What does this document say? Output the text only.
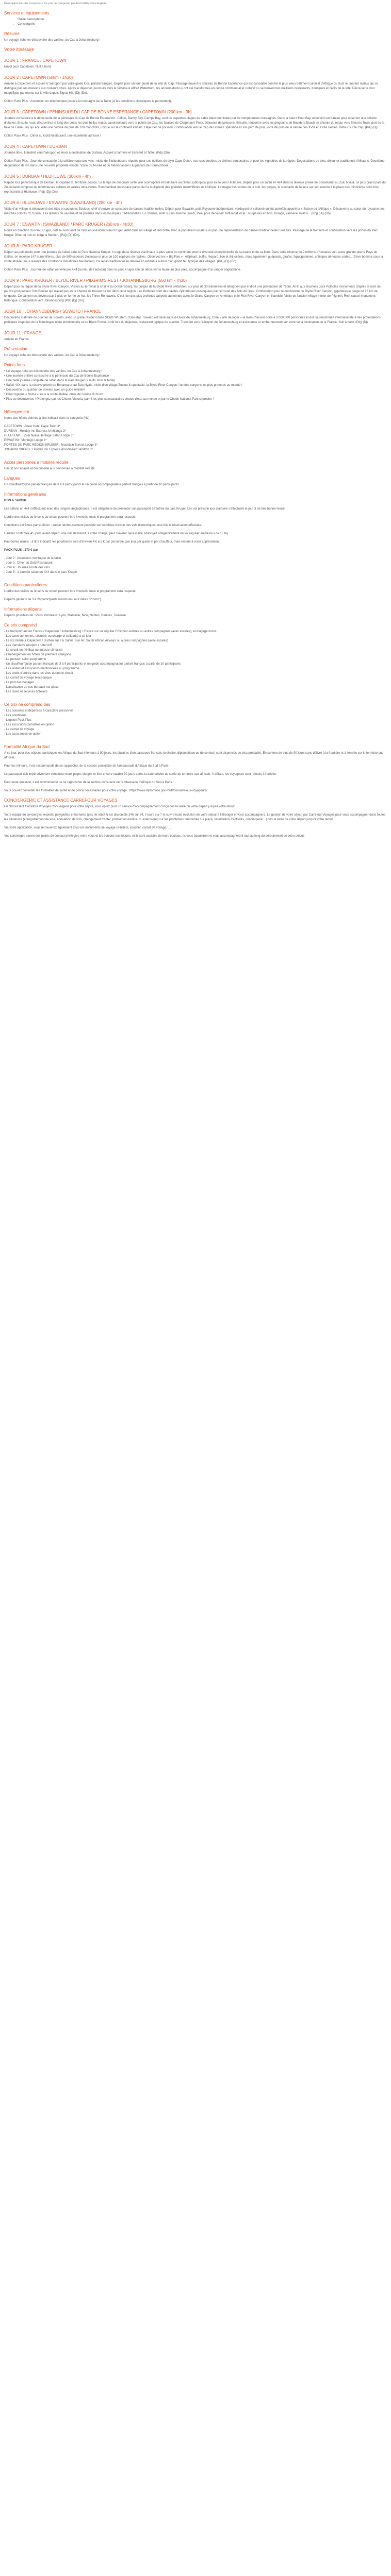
Description Ce prix comprend / Ce prix ne comprend pas Formalités Conciergerie
Services et équipements
• Guide francophone
• Conciergerie
Résumé

Un voyage riche en découverte des variées, du Cap à Johannesburg !

Votre itinéraire
JOUR 1 : FRANCE / CAPETOWN

Envol pour Capetown. Nuit à bord.

JOUR 2 : CAPETOWN (50km - 1h30)

Arrivée à Capetown et accueil à l'aéroport par votre guide local parlant français. Départ pour un tour guidé de la ville du Cap. Passage devant le château de Bonne Espérance qui est considéré comme le plus vieux bâtiment colonial d'Afrique du Sud, le quartier malais qui se distingue par ses maisons aux couleurs vives. Après le déjeuner, poursuite vers le Victoria & Alfred Waterfront, les anciens docks y ont été transformés en centre commercial et culturel où se trouvent les meilleurs restaurants, boutiques et cafés de la ville. Découverte d'un magnifique panorama sur la ville depuis Signal Hill. (Dj) (Dn).

Option Pack Plus : Ascension en téléphérique jusqu'à la montagne de la Table (si les conditions climatiques le permettent).

JOUR 3 : CAPETOWN / PÉNINSULE DU CAP DE BONNE ESPÉRANCE / CAPETOWN (200 km - 3h)

Journée consacrée à la découverte de la péninsule du Cap de Bonne Espérance : Clifton, Bantry Bay, Camps Bay, sont du superbes plages de sable blanc dominées par de somptueuses montagnes. Dans la baie d'Hout Bay, excursion en bateau pour observer une colonie d'otaries. Ensuite, vous découvrirez le long des côtes les plus belles routes panoramiques vers la pointe du Cap, les falaises de Chapman's Peak. Déjeuner de poissons. Ensuite, rencontre avec les pingouins de Boulders Beach en chemin du retour vers Simon's Town, port de la baie de False Bay qui accueille une colonie de plus de 700 manchots, unique sur le continent africain. Déjeuner de poisson. Continuation vers le Cap de Bonne Espérance et son parc de plus, vivre de près de la nature des XVIe et XVIIe siècles. Retour sur le Cap. (Pdj) (Dj).

Option Pack Plus : Dîner au Gold Restaurant, une excellente adresse !

JOUR 4 : CAPETOWN / DURBAN

Journée libre. Transfert vers l'aéroport et envol à destination de Durban. Accueil à l'arrivée et transfert à l'hôtel. (Pdj) (Dn).

Option Pack Plus : Journée consacrée à la célèbre route des vins : visite de Stellenbosch, réputée pour ses édifices de style Cape Dutch, ses rues bordées de chênes centenaires et pour les vignobles de la région. Dégustations de vins, déjeuner traditionnel Afrikaans. Deuxième dégustation de vin dans une nouvelle propriété viticole. Visite du Musée et du Mémorial des Huguenots de Franschhoek.

JOUR 5 : DURBAN / HLUHLUWE (300km - 4h)

Rapide tour panoramique de Durban, la capitale du territoire Zoulou. Le temps de découvrir cette ville cosmopolite et balnéaire au climat subtropical puis route vers Hluhluwe. Départ pour un safari en 4x4 dans la réserve privée de Bonamanzi au Zulu Nyala. Le plus grand parc du Zoulouland composé de nombreuses collines et vallées ultra-vertes. Rien habituel un espace particulier la multiplicité des grandes mammifères de l'Afrique. La magie des sorties de la nuit, les gorges, le spectacle de la lune sur son étendu à la place des rhinocéros noirs très représentés à Hluhluwe. (Pdj) (Dj) (Dn).

JOUR 6 : HLUHLUWE / ESWATINI (SWAZILAND) (280 km - 4h)

Visite d'un village et découverte des rites et coutumes Zoulous, chef-d'oeuvre un spectacle de danses traditionnelles. Départ pour Eswatini, petit Royaume indépendant, verdoyant et vallonné qui fut autrefois appelé la « Suisse de l'Afrique ». Découverte au cœur du royaume des marchés colorés d'Ezulwini. Les ateliers de verrerie et de poteries dans les boutiques traditionnelles. En chemin, arrêt sur un marché Swazi, idéal pour découvrir l'artisanat local : sculptures en bois, tissage, vannerie swazis... (Pdj) (Dj) (Dn).

JOUR 7 : ESWATINI (SWAZILAND) / PARC KRUGER (260 km - 4h30)

Route en direction du Parc Kruger, doté le nom vient de l'ancien Président Paul Kruger. Arrêt dans un village et rencontre avec la population locale suivi par une représentation de danses traditionnelles Swazies. Passage de la frontière et continuation vers les portes du Parc Kruger. Dîner et nuit en lodge à Marloth. (Pdj) (Dj) (Dn).

JOUR 8 : PARC KRUGER

Départ au petit matin pour une journée de safari dans le Parc National Kruger. Il s'agit de la réserve d'animaux la plus vaste du continent pour la diversité exceptionnelle de sa faune et de sa flore. Dans cette réserve de 2 millions d'hectares soit, aussi grande que le Pays de Galles, on recense 147 mammifères, plus de 500 espèces d'oiseaux et plus de 100 espèces de reptiles. Observez les « Big Five » : éléphant, buffle, léopard, lion et rhinocéros, mais également guépards, girafes, hippopotames, antilopes de toutes sortes... Dîner bomma sous la voûte étoilée (sous réserve des conditions climatiques favorables). Ce repas traditionnel se déroule en extérieur autour d'un grand feu typique des villages. (Pdj) (Dj) (Dn).

Option Pack Plus : Journée de safari en véhicule 4X4 (au lieu de l'autocar) dans le parc Kruger afin de découvrir la faune au plus près, accompagné d'un ranger anglophone.

JOUR 9 : PARC KRUGER / BLYDE RIVER / PILGRIM'S REST / JOHANNESBURG (550 km - 7h30)

Départ pour la région de la Blyde River Canyon. Visites au terminal la chaine du Drakensberg, les gorges de la Blyde River s'étendent sur plus de 30 kilomètres et atteignent par endroit une profondeur de 750m. Arrêt aux Bourke's Luck Potholes monuments d'après le nom du pauvre prospecteur Tom Bourke qui n'avait pas eu la chance de trouver de l'or dans cette région. Les Potholes sont des cavités cylindriques provoquées par l'érosion des flots de l'eau. Continuation pour la découverte du Blyde River Canyon, gigantesque gorge de 26 km de longueur. Ce canyon est devenu par 3 pics en forme de hut, les Three Rondavels. C'est l'un des plus profonds canyons au monde après le Grand Canyon en Amérique et le Fish River Canyon en Namibie. Visite de l'ancien village minier de Pilgrim's Rest classé monument historique. Continuation vers Johannesburg (Pdj) (Dj) (Dn).

JOUR 10 : JOHANNESBURG / SOWETO / FRANCE

Découverte matinale du quartier de Soweto, avec un guide résident dans SOuth WEstern TOwnship. Soweto est situé au Sud-Ouest de Johannesburg. Créé « afin de loger » la main-d'œuvre noire à 3 000 000 personnes et doit sa renommée internationale à des protestations politiques inspirées de la Mandingue noire émotionnelle et du Black Power. Arrêt lors du déjeuner, restaurant typique du quartier. Transfert vers l'aéroport de Johannesburg et assistance à l'embarquement sur votre vol à destination de la France. Nuit à bord. (Pdj) (Dj).

JOUR 11 : FRANCE

Arrivée en France.

Présentation

Un voyage riche en découverte des variées, du Cap à Johannesburg !

Points forts
• Un voyage riche en découverte des variées, du Cap à Johannesburg !
• Une journée entière consacrée à la péninsule du Cap de Bonne Espérance
• Une belle journée complète de safari dans le Parc Kruger (2 nuits sous la tente)
• Safari 4X4 dans la réserve privée de Bonamanzi au Zulu Nyala, visite d'un village Zoulou & spectacle, la Blyde River Canyon, l'un des canyons les plus profonds au monde !
• Découverte du quartier de Soweto avec un guide résident
• Dîner typique « Boma » sous la voûte étoilée, dîner de cuisine du bush
• Plus de découvertes ! Prolongez par les Chutes Victoria, parmi les plus spectaculaires chutes d'eau au monde et par le Chobe National Parc si proche !
Hébergement

Noms des hôtels donnés à titre indicatif dans la catégorie (NL)

CAPETOWN : Anew Hotel Cape Town 3*
DURBAN : Holiday Inn Express Umhlanga 3*
HLUHLUWE : Zulu Nyala Heritage Safari Lodge 3*
ESWATINI : Montego Lodge 3*
PORTES DU PARC RÉGION KRUGER : Mountain Sunset Lodge 3*
JOHANNESBURG : Holiday Inn Express Woodmead Sandton 3*
Accès personnes à mobilité réduite

Circuit non adapté et déconseillé aux personnes à mobilité réduite.

Langues

Un chauffeur/guide parlant français de 3 à 9 participants et un guide accompagnateur parlant français à partir de 10 participants.

Informations générales

BON A SAVOIR

Les safaris en 4x4 s'effectuent avec des rangers anglophones. Il est obligatoire de présenter son passeport à l'entrée du parc Kruger. Les vol prévu le jour d'arrivée s'effectuent le jour 3 de très bonne heure.

L'ordre des visites ou le sens du circuit peuvent être inversés, mais le programme sera respecté.

Conditions extrêmes particulières : aucun remboursement possible sur les billets d'avion des vols domestiques, une fois la réservation effectuée.

Hauteur confirmée 45 jours avant départ, une nuit de transit, à votre charge, peut s'avérer nécessaire. Prévoyez obligatoirement en vol régulier au-dessus de 15 Kg.

Pourboires usuels : à titre indicatif, les pourboires sont d'environ 4 € à 5 € par personne, par jour par guide et par chauffeur, mais restent à votre appréciation.

PACK PLUS : 270 € par

- Jour 2 : Ascension montagne de la table
- Jour 3 : Dîner au Gold Restaurant
- Jour 4 : Journée Route des vins
- Jour 8 : 1 journée safari en 4X4 dans le parc Kruger
Conditions particulières

L'ordre des visites ou le sens du circuit peuvent être inversés, mais le programme sera respecté.

Départs garantis de 3 à 28 participants maximum (sauf dates "Promo").

Informations départs

Départs possibles de : Paris, Bordeaux, Lyon, Marseille, Nice, Nantes, Rennes, Toulouse

Ce prix comprend
- Le transport aérien France / Capetown / Johannesburg / France sur vol régulier Ethiopian Airlines ou autres compagnies (avec escales), en bagage inclus
- Les taxes aériennes, sécurité, surcharge et solidarité à ce jour
- Le vol intérieur Capetown / Durban sur Fly Safair, Sun Air, South African Airways ou autres compagnies (avec escales)
- Les transferts aéroport / hôtel A/R
- Le circuit en minibus ou autocar climatisé
- L'hébergement en hôtels de première catégorie
- La pension selon programme
- Un chauffeur/guide parlant français de 3 à 9 participants et un guide accompagnateur parlant français à partir de 10 participants
- Les visites et excursions mentionnées au programme
- Les droits d'entrée dans les sites durant le circuit
- Le carnet de voyage électronique
- Le port des bagages
- L'assistance de nos bureaux sur place
- Les taxes et services hôteliers
Ce prix ne comprend pas
- Les boissons et dépenses à caractère personnel
- Les pourboires
- L'option Pack Plus
- Les excursions possibles en option
- Le carnet de voyage
- Les assurances en option
Formalité Afrique du Sud

À ce jour, pour des séjours touristiques en Afrique du Sud inférieurs à 90 jours, les titulaires d'un passeport français (ordinaire, diplomatique ou de service) sont dispensés de visa préalable. En somme de plus de 90 jours sans délivré à la frontière et à l'entrée sur le territoire sud-africain.

Pour les mineurs, il est recommandé de se rapprocher de la section consulaire de l'ambassade d'Afrique du Sud à Paris.

Le passeport doit impérativement comporter deux pages vierges et être encore valable 30 jours après la date prévue de sortie du territoire sud-africain. À défaut, les voyageurs sont refusés à l'arrivée.

Pour toute question, il est recommandé de se rapprocher de la section consulaire de l'ambassade d'Afrique du Sud à Paris.

Vous pouvez consulter les formalités de santé et de police nécessaires pour votre voyage : https://www.diplomatie.gouv.fr/fr/conseils-aux-voyageurs/

CONCIERGERIE ET ASSISTANCE CARREFOUR VOYAGES

En choisissant Carrefour Voyages Conciergerie pour votre séjour, vous optez pour un service d'accompagnement conçu dès la veille du votre départ jusqu'à votre retour.

Votre équipe de concierges, experts, polyglottes et humains (pas de robot !) est disponible 24h sur 24, 7 jours sur 7 et suivra toute évolution de votre séjour à l'étranger et vous accompagnera. Le gestion de votre séjour par Carrefour Voyages pour vous accompagner dans toutes les situations (enregistrement de visa, annulation de vols, changement d'hôtel, problèmes médicaux, extensions) sur les problèmes rencontrés sur place, réservation d'activités, conciergerie....) dès la veille de votre départ jusqu'à votre retour.

Via votre application, vous retrouverez également tous vos documents de voyage (e-billets, voucher, carnet de voyage, ...).

Vos concierges seront des points de contact privilégiés entre vous et les équipes techniques, et ils sont assistés de leurs équipes. Ils vous épauleront et vous accompagneront tout au long du déroulement de votre séjour.
